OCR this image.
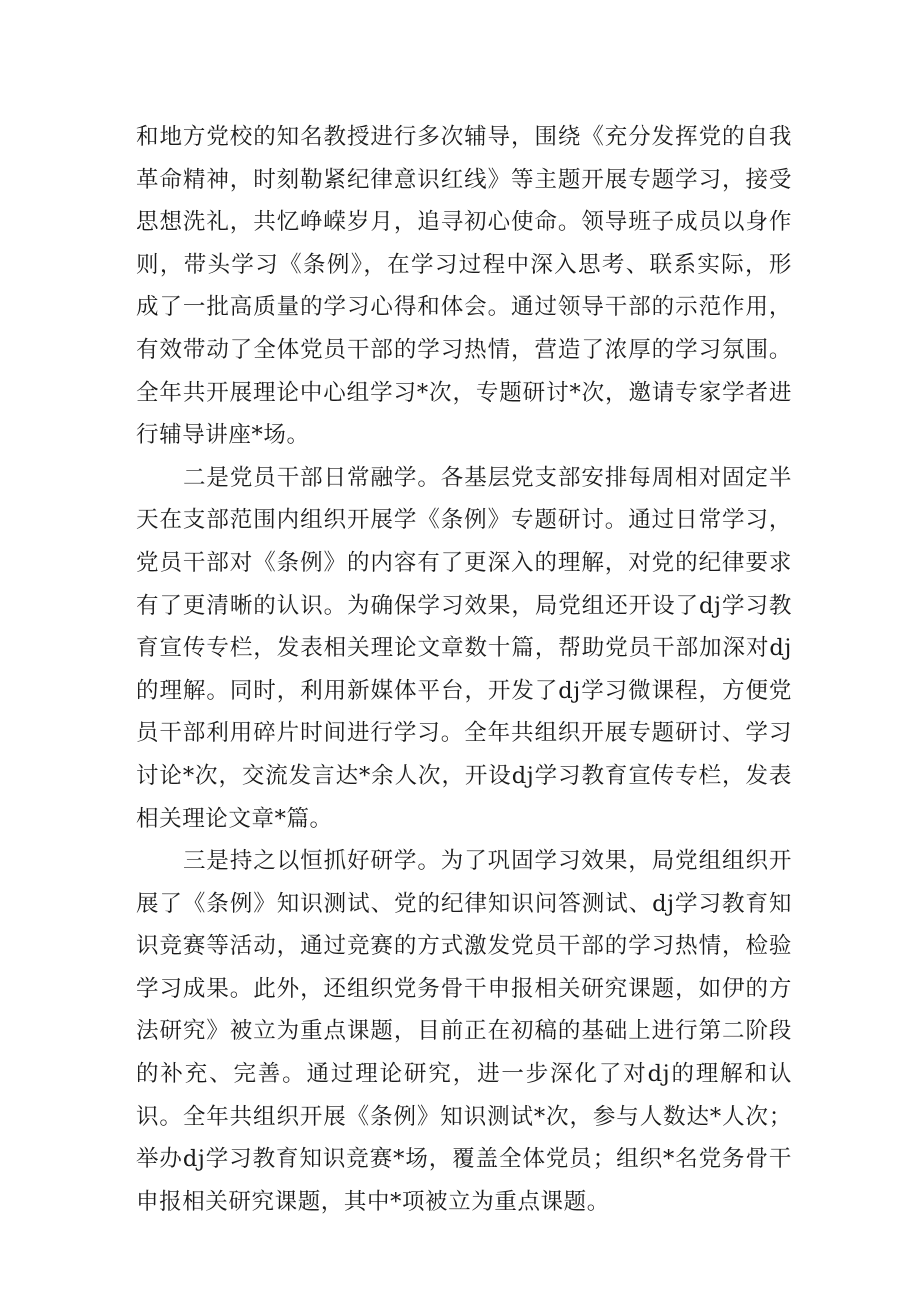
和地方党校的知名教授进行多次辅导，围绕《充分发挥党的自我革命精神，时刻勒紧纪律意识红线》等主题开展专题学习，接受思想洗礼，共忆峥嵘岁月，追寻初心使命。领导班子成员以身作则，带头学习《条例》，在学习过程中深入思考、联系实际，形成了一批高质量的学习心得和体会。通过领导干部的示范作用，有效带动了全体党员干部的学习热情，营造了浓厚的学习氛围。全年共开展理论中心组学习*次，专题研讨*次，邀请专家学者进行辅导讲座*场。

二是党员干部日常融学。各基层党支部安排每周相对固定半天在支部范围内组织开展学《条例》专题研讨。通过日常学习，党员干部对《条例》的内容有了更深入的理解，对党的纪律要求有了更清晰的认识。为确保学习效果，局党组还开设了dj学习教育宣传专栏，发表相关理论文章数十篇，帮助党员干部加深对dj的理解。同时，利用新媒体平台，开发了dj学习微课程，方便党员干部利用碎片时间进行学习。全年共组织开展专题研讨、学习讨论*次，交流发言达*余人次，开设dj学习教育宣传专栏，发表相关理论文章*篇。

三是持之以恒抓好研学。为了巩固学习效果，局党组组织开展了《条例》知识测试、党的纪律知识问答测试、dj学习教育知识竞赛等活动，通过竞赛的方式激发党员干部的学习热情，检验学习成果。此外，还组织党务骨干申报相关研究课题，如伊的方法研究》被立为重点课题，目前正在初稿的基础上进行第二阶段的补充、完善。通过理论研究，进一步深化了对dj的理解和认识。全年共组织开展《条例》知识测试*次，参与人数达*人次；举办dj学习教育知识竞赛*场，覆盖全体党员；组织*名党务骨干申报相关研究课题，其中*项被立为重点课题。
